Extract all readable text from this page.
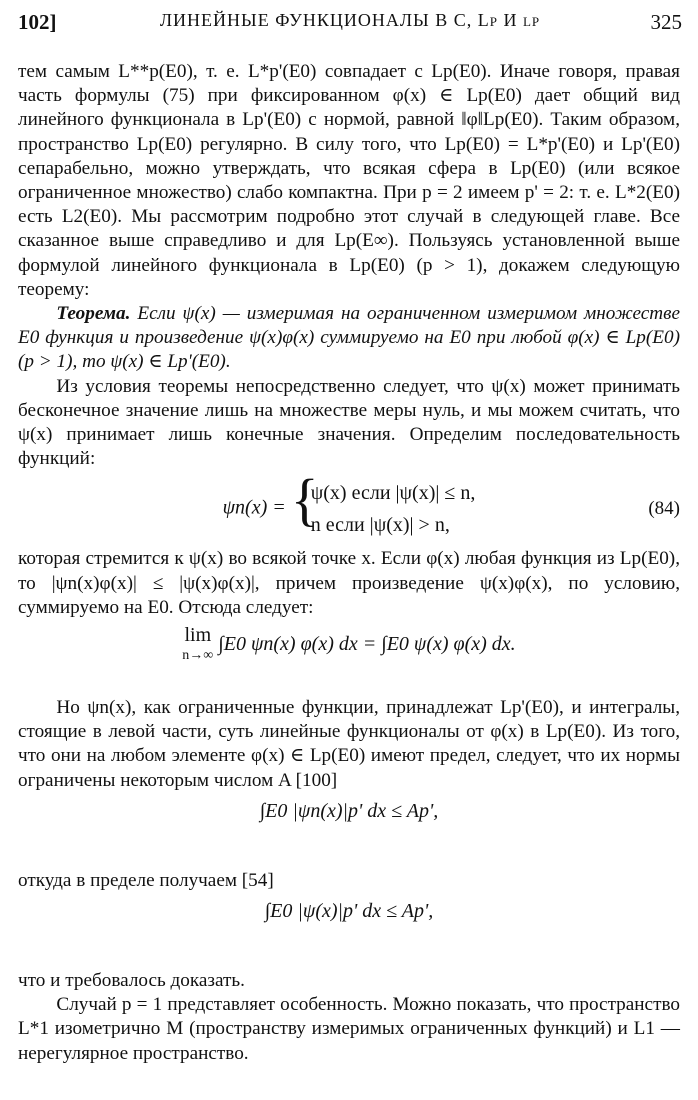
102]	ЛИНЕЙНЫЕ ФУНКЦИОНАЛЫ В C, Lp И lp	325

тем самым L**p(E0), т. е. L*p'(E0) совпадает с Lp(E0). Иначе говоря, правая часть формулы (75) при фиксированном φ(x) ∈ Lp(E0) дает общий вид линейного функционала в Lp'(E0) с нормой, равной ‖φ‖Lp(E0). Таким образом, пространство Lp(E0) регулярно. В силу того, что Lp(E0) = L*p'(E0) и Lp'(E0) сепарабельно, можно утверждать, что всякая сфера в Lp(E0) (или всякое ограниченное множество) слабо компактна. При p = 2 имеем p' = 2: т. е. L*2(E0) есть L2(E0). Мы рассмотрим подробно этот случай в следующей главе. Все сказанное выше справедливо и для Lp(E∞). Пользуясь установленной выше формулой линейного функционала в Lp(E0) (p > 1), докажем следующую теорему:

Теорема. Если ψ(x) — измеримая на ограниченном измеримом множестве E0 функция и произведение ψ(x)φ(x) суммируемо на E0 при любой φ(x) ∈ Lp(E0) (p > 1), то ψ(x) ∈ Lp'(E0).

Из условия теоремы непосредственно следует, что ψ(x) может принимать бесконечное значение лишь на множестве меры нуль, и мы можем считать, что ψ(x) принимает лишь конечные значения. Определим последовательность функций:

ψn(x) = {
ψ(x) если |ψ(x)| ≤ n,
n если |ψ(x)| > n,
(84)

которая стремится к ψ(x) во всякой точке x. Если φ(x) любая функция из Lp(E0), то |ψn(x)φ(x)| ≤ |ψ(x)φ(x)|, причем произведение ψ(x)φ(x), по условию, суммируемо на E0. Отсюда следует:

lim
n→∞ ∫E0 ψn(x) φ(x) dx = ∫E0 ψ(x) φ(x) dx.

Но ψn(x), как ограниченные функции, принадлежат Lp'(E0), и интегралы, стоящие в левой части, суть линейные функционалы от φ(x) в Lp(E0). Из того, что они на любом элементе φ(x) ∈ Lp(E0) имеют предел, следует, что их нормы ограничены некоторым числом A [100]

∫E0 |ψn(x)|p' dx ≤ Ap',

откуда в пределе получаем [54]

∫E0 |ψ(x)|p' dx ≤ Ap',

что и требовалось доказать.

Случай p = 1 представляет особенность. Можно показать, что пространство L*1 изометрично M (пространству измеримых ограниченных функций) и L1 — нерегулярное пространство.
